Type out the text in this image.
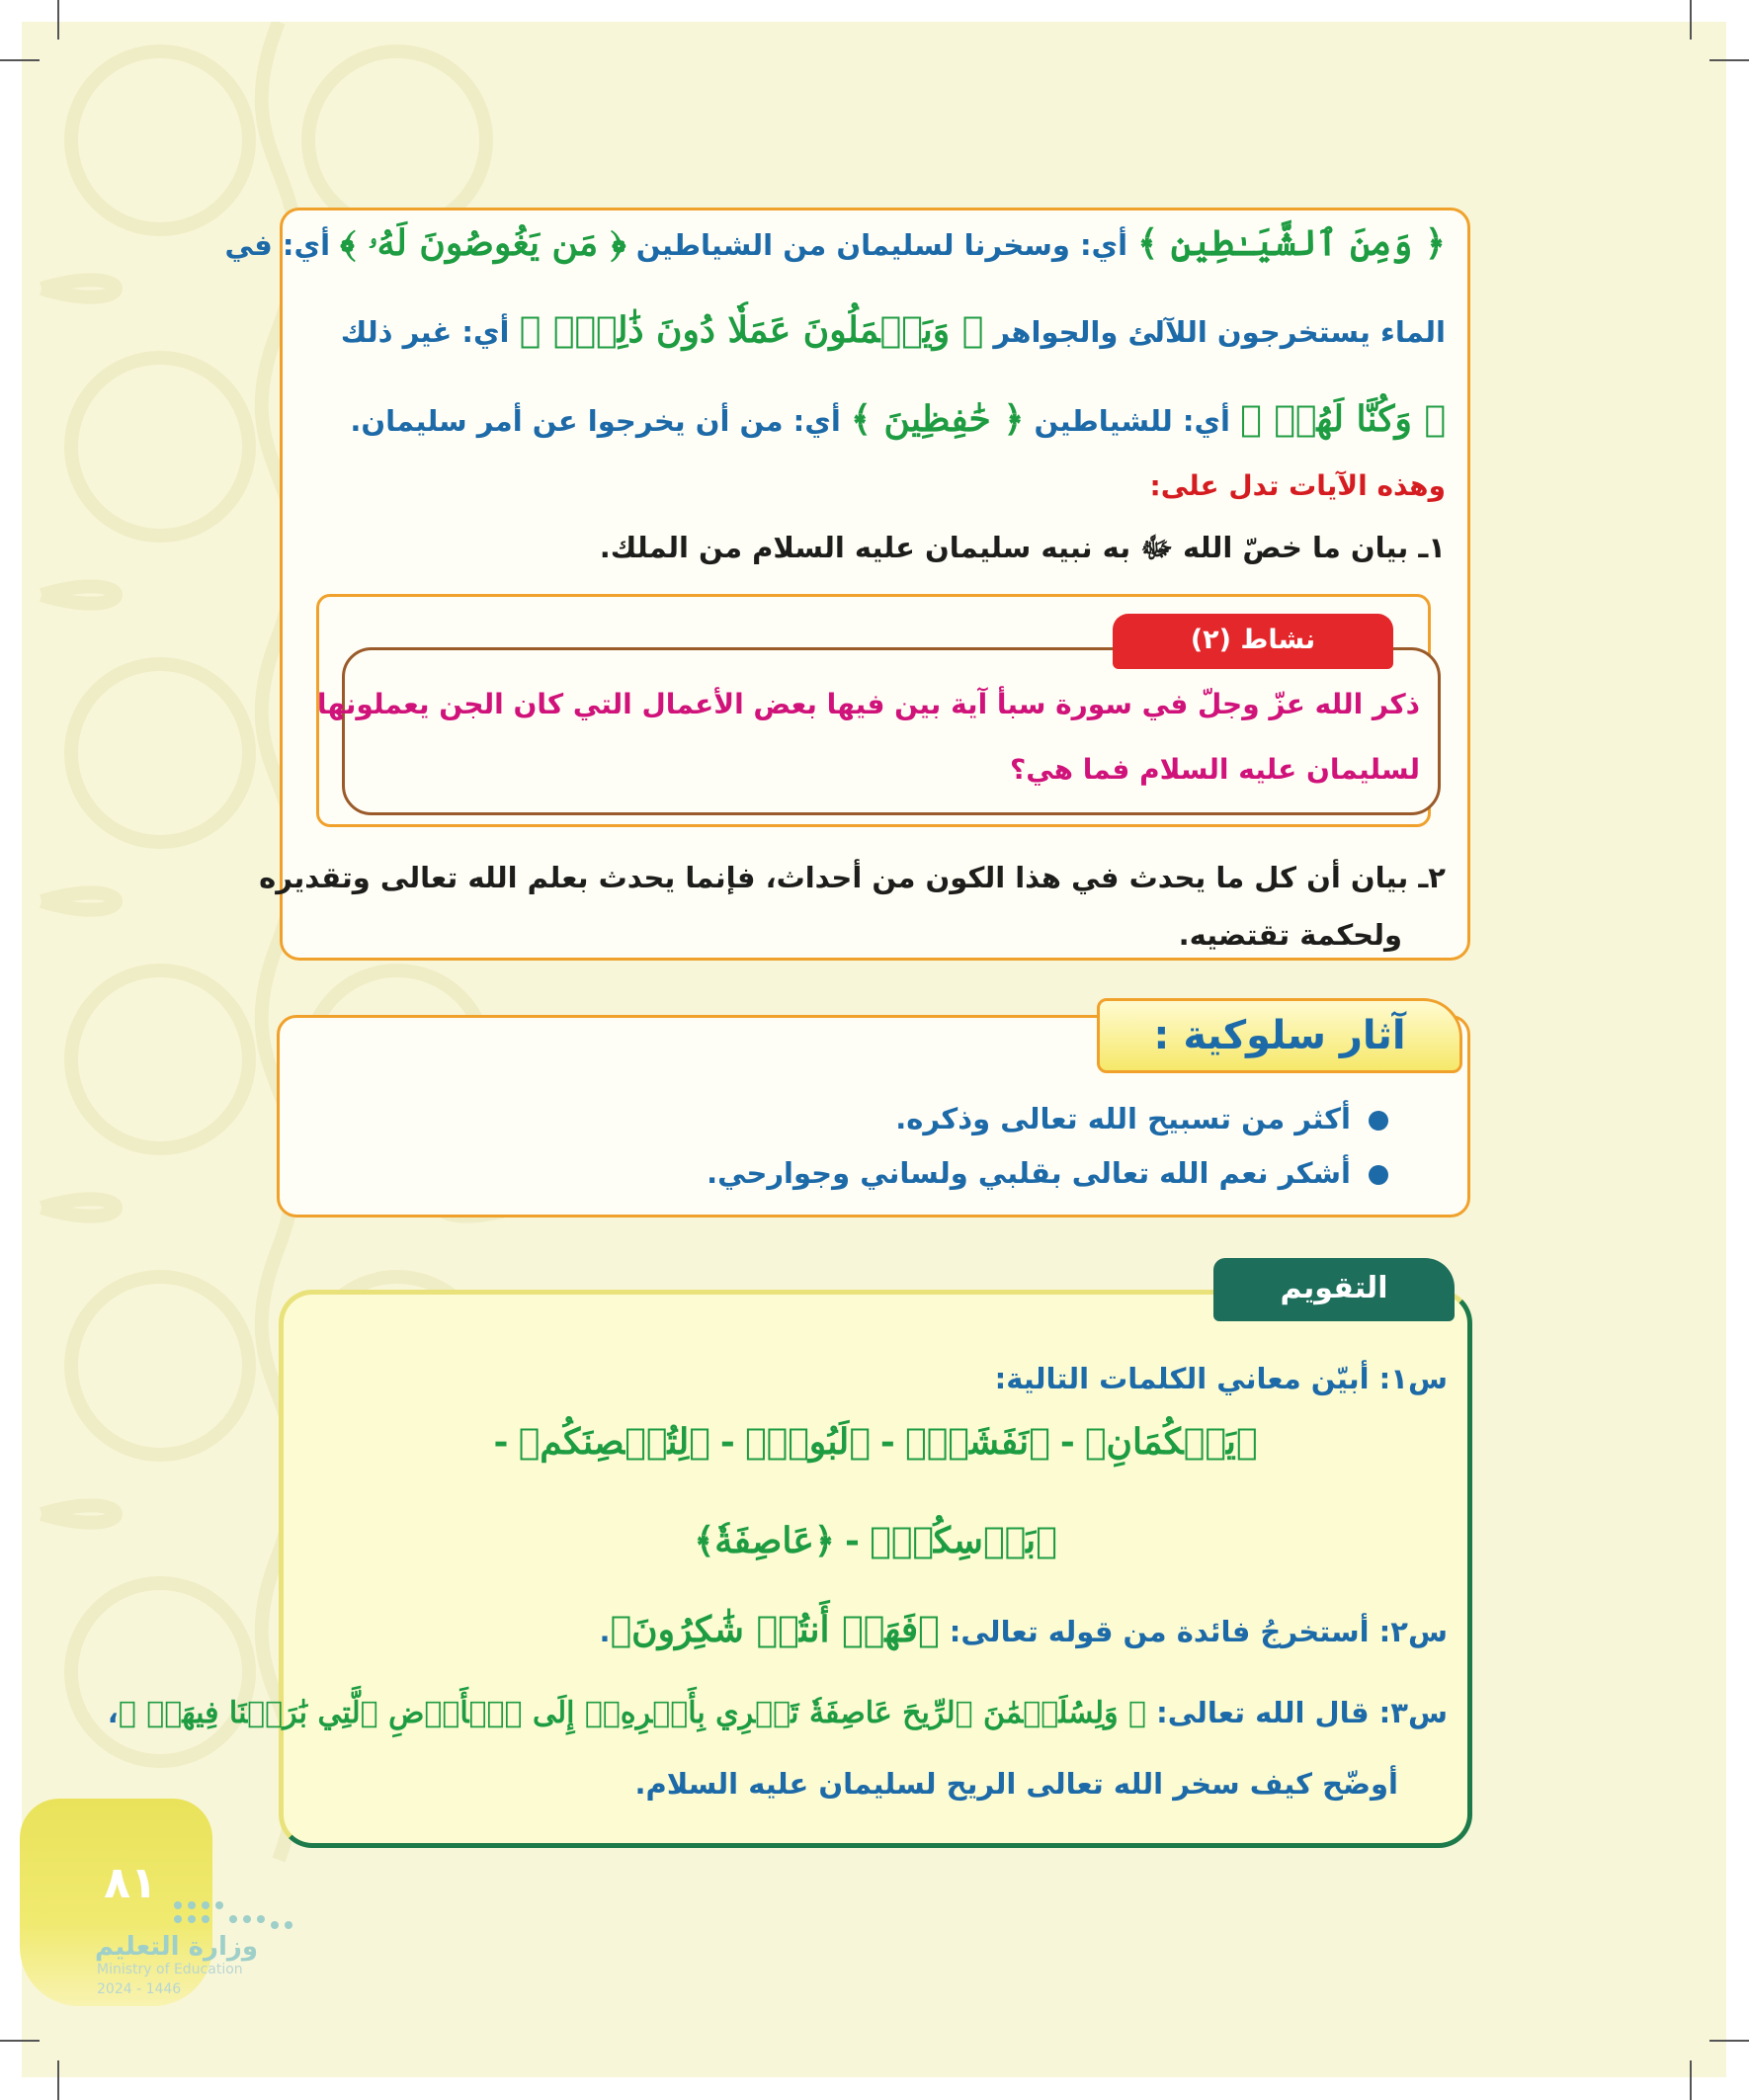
﴿ وَمِنَ ٱلشَّيَـٰطِينِ ﴾ أي: وسخرنا لسليمان من الشياطين ﴿ مَن يَغُوصُونَ لَهُۥ ﴾ أي: في
الماء يستخرجون اللآلئ والجواهر ﴿ وَيَعۡمَلُونَ عَمَلٗا دُونَ ذَٰلِكَۖ ﴾ أي: غير ذلك
﴿ وَكُنَّا لَهُمۡ ﴾ أي: للشياطين ﴿ حَٰفِظِينَ ﴾ أي: من أن يخرجوا عن أمر سليمان.
وهذه الآيات تدل على:
١ـ بيان ما خصّ الله ﷻ به نبيه سليمان عليه السلام من الملك.
ذكر الله عزّ وجلّ في سورة سبأ آية بين فيها بعض الأعمال التي كان الجن يعملونها
لسليمان عليه السلام فما هي؟
نشاط (٢)
٢ـ بيان أن كل ما يحدث في هذا الكون من أحداث، فإنما يحدث بعلم الله تعالى وتقديره
ولحكمة تقتضيه.
أكثر من تسبيح الله تعالى وذكره.
أشكر نعم الله تعالى بقلبي ولساني وجوارحي.
آثار سلوكية :
س١: أبيّن معاني الكلمات التالية:
﴿يَحۡكُمَانِ﴾ - ﴿نَفَشَتۡ﴾ - ﴿لَبُوسٖ﴾ - ﴿لِتُحۡصِنَكُم﴾ -
﴿بَأۡسِكُمۡ﴾ - ﴿عَاصِفَةٗ﴾
س٢: أستخرجُ فائدة من قوله تعالى: ﴿فَهَلۡ أَنتُمۡ شَٰكِرُونَ﴾.
س٣: قال الله تعالى: ﴿ وَلِسُلَيۡمَٰنَ ٱلرِّيحَ عَاصِفَةٗ تَجۡرِي بِأَمۡرِهِۦٓ إِلَى ٱلۡأَرۡضِ ٱلَّتِي بَٰرَكۡنَا فِيهَاۚ ﴾،
أوضّح كيف سخر الله تعالى الريح لسليمان عليه السلام.
التقويم
٨١
وزارة التعليم
Ministry of Education
2024 - 1446
